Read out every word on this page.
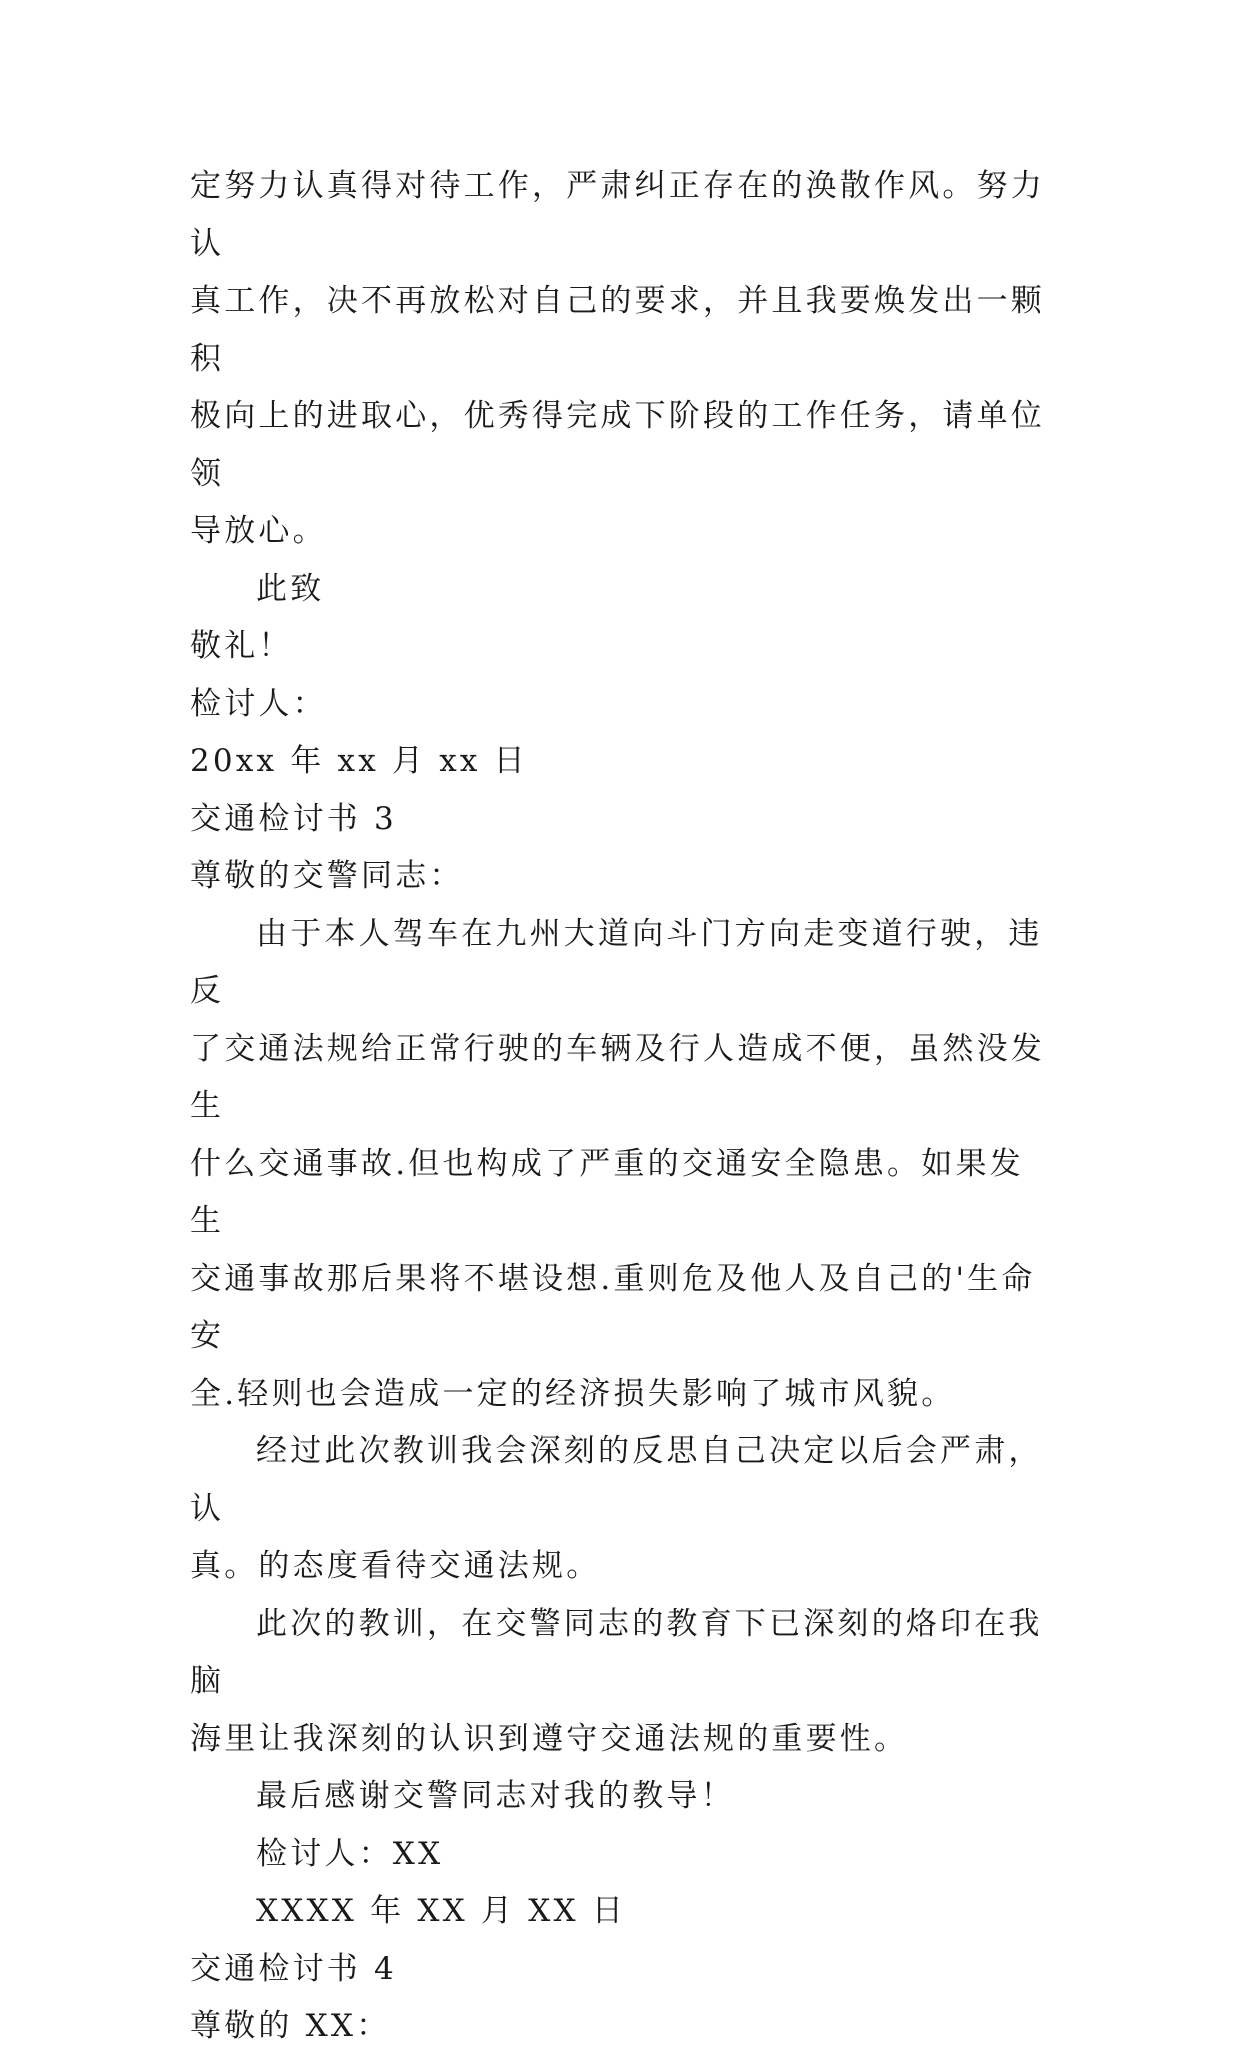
定努力认真得对待工作，严肃纠正存在的涣散作风。努力认

真工作，决不再放松对自己的要求，并且我要焕发出一颗积

极向上的进取心，优秀得完成下阶段的工作任务，请单位领

导放心。

此致

敬礼！

检讨人：

20xx 年 xx 月 xx 日

交通检讨书 3

尊敬的交警同志：

由于本人驾车在九州大道向斗门方向走变道行驶，违反

了交通法规给正常行驶的车辆及行人造成不便，虽然没发生

什么交通事故.但也构成了严重的交通安全隐患。如果发生

交通事故那后果将不堪设想.重则危及他人及自己的'生命安

全.轻则也会造成一定的经济损失影响了城市风貌。

经过此次教训我会深刻的反思自己决定以后会严肃，认

真。的态度看待交通法规。

此次的教训，在交警同志的教育下已深刻的烙印在我脑

海里让我深刻的认识到遵守交通法规的重要性。

最后感谢交警同志对我的教导！

检讨人：XX

XXXX 年 XX 月 XX 日

交通检讨书 4

尊敬的 XX：
